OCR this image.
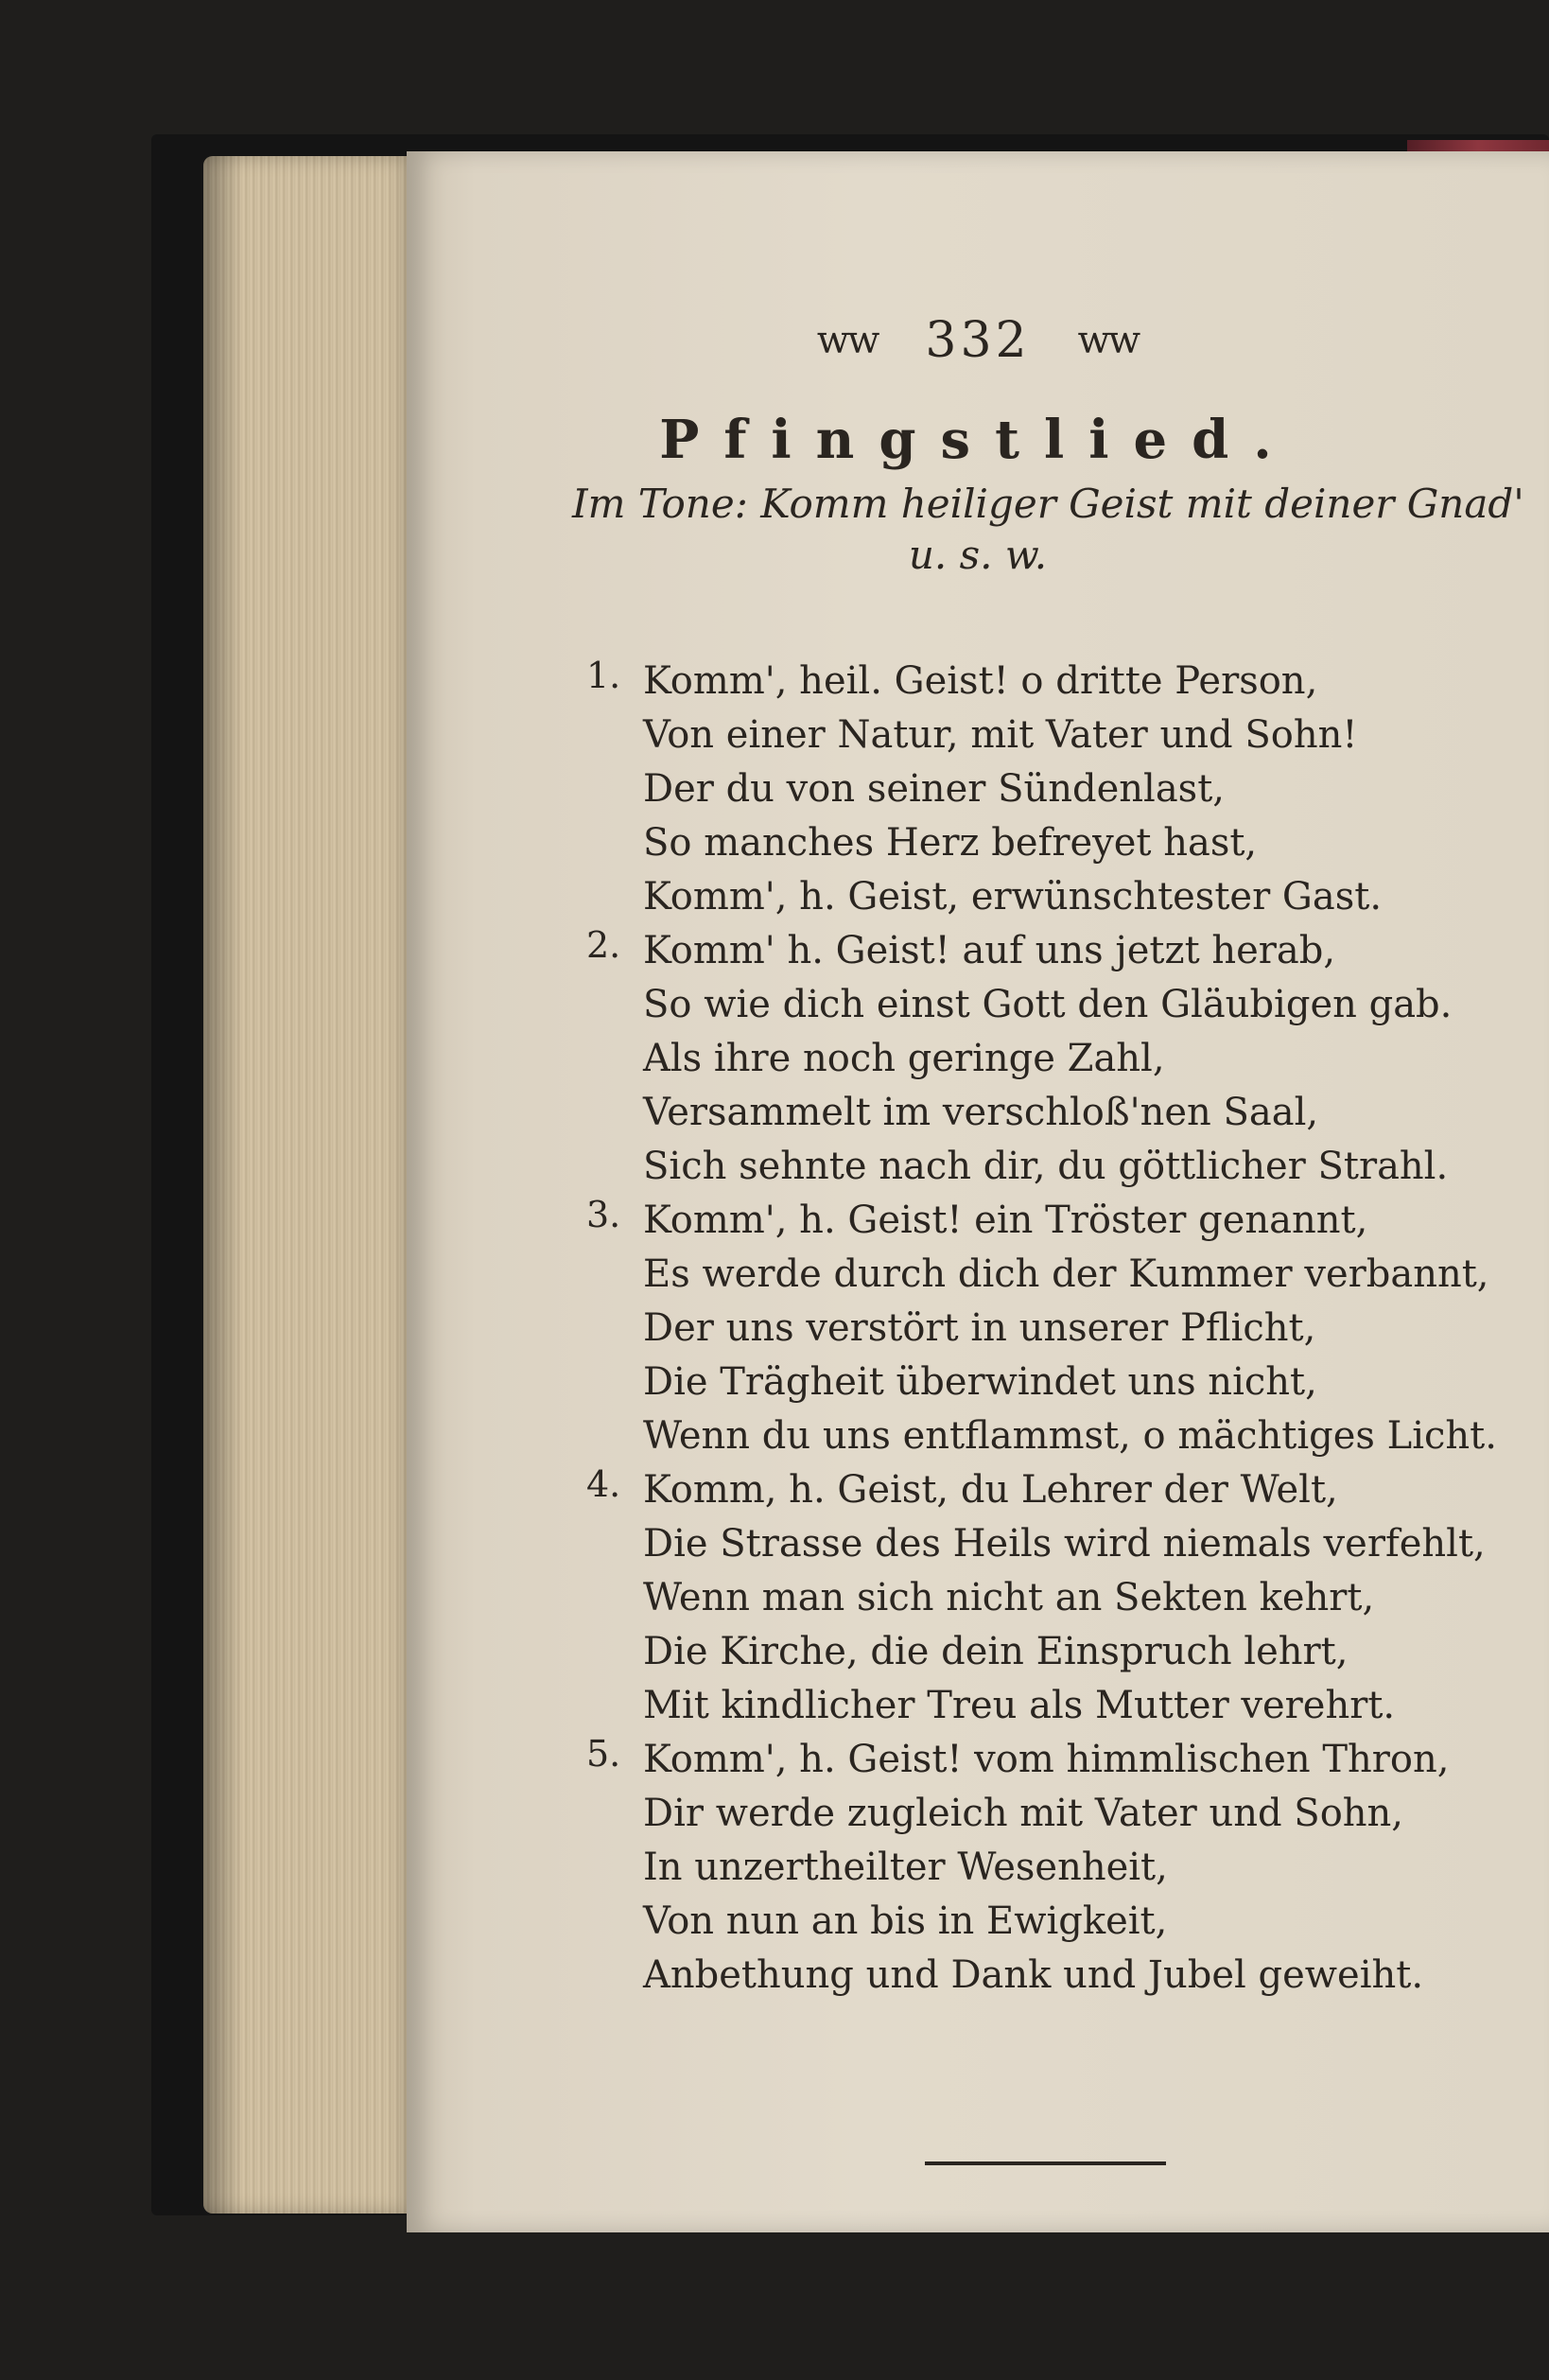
ww 332 ww
Pfingstlied.
Im Tone: Komm heiliger Geist mit deiner Gnad'
u. s. w.
1. Komm', heil. Geist! o dritte Person,
Von einer Natur, mit Vater und Sohn!
Der du von seiner Sündenlast,
So manches Herz befreyet hast,
Komm', h. Geist, erwünschtester Gast.
2. Komm' h. Geist! auf uns jetzt herab,
So wie dich einst Gott den Gläubigen gab.
Als ihre noch geringe Zahl,
Versammelt im verschloß'nen Saal,
Sich sehnte nach dir, du göttlicher Strahl.
3. Komm', h. Geist! ein Tröster genannt,
Es werde durch dich der Kummer verbannt,
Der uns verstört in unserer Pflicht,
Die Trägheit überwindet uns nicht,
Wenn du uns entflammst, o mächtiges Licht.
4. Komm, h. Geist, du Lehrer der Welt,
Die Strasse des Heils wird niemals verfehlt,
Wenn man sich nicht an Sekten kehrt,
Die Kirche, die dein Einspruch lehrt,
Mit kindlicher Treu als Mutter verehrt.
5. Komm', h. Geist! vom himmlischen Thron,
Dir werde zugleich mit Vater und Sohn,
In unzertheilter Wesenheit,
Von nun an bis in Ewigkeit,
Anbethung und Dank und Jubel geweiht.
